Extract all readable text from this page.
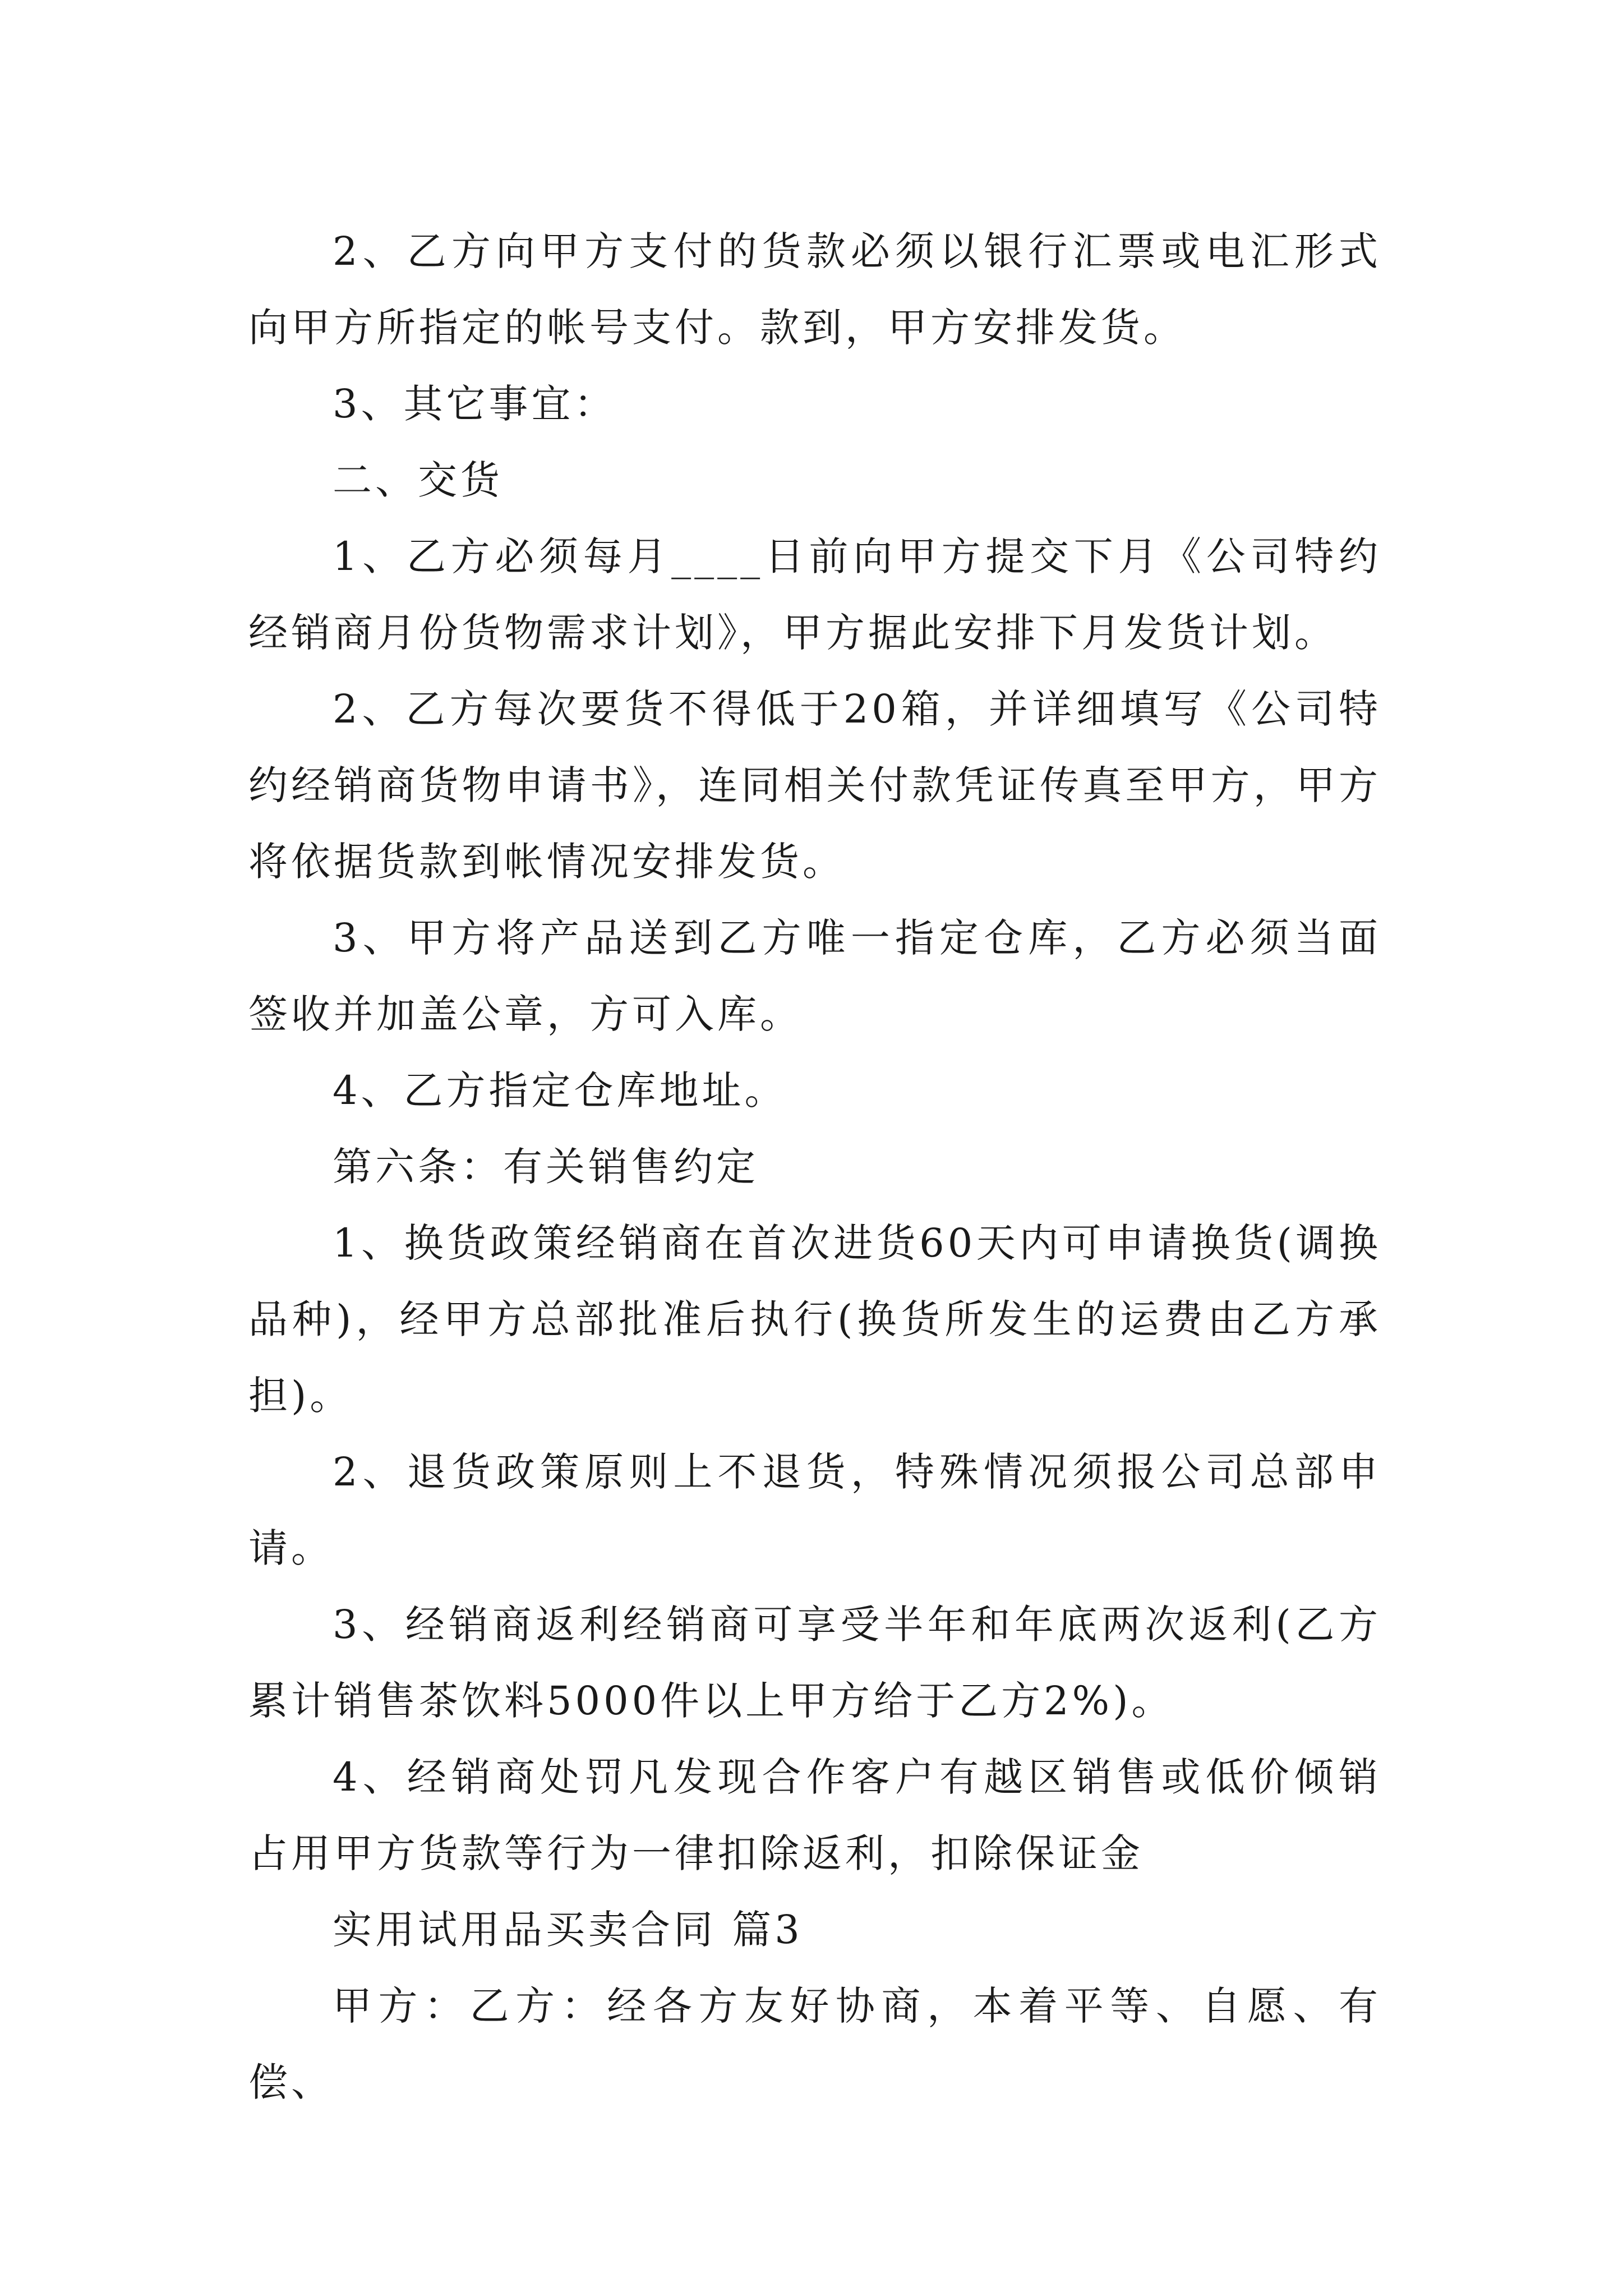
2、乙方向甲方支付的货款必须以银行汇票或电汇形式向甲方所指定的帐号支付。款到，甲方安排发货。

3、其它事宜：

二、交货

1、乙方必须每月____日前向甲方提交下月《公司特约经销商月份货物需求计划》，甲方据此安排下月发货计划。

2、乙方每次要货不得低于20箱，并详细填写《公司特约经销商货物申请书》，连同相关付款凭证传真至甲方，甲方将依据货款到帐情况安排发货。

3、甲方将产品送到乙方唯一指定仓库，乙方必须当面签收并加盖公章，方可入库。

4、乙方指定仓库地址。

第六条：有关销售约定

1、换货政策经销商在首次进货60天内可申请换货(调换品种)，经甲方总部批准后执行(换货所发生的运费由乙方承担)。

2、退货政策原则上不退货，特殊情况须报公司总部申请。

3、经销商返利经销商可享受半年和年底两次返利(乙方累计销售茶饮料5000件以上甲方给于乙方2%)。

4、经销商处罚凡发现合作客户有越区销售或低价倾销占用甲方货款等行为一律扣除返利，扣除保证金

实用试用品买卖合同 篇3

甲方：乙方：经各方友好协商，本着平等、自愿、有偿、
